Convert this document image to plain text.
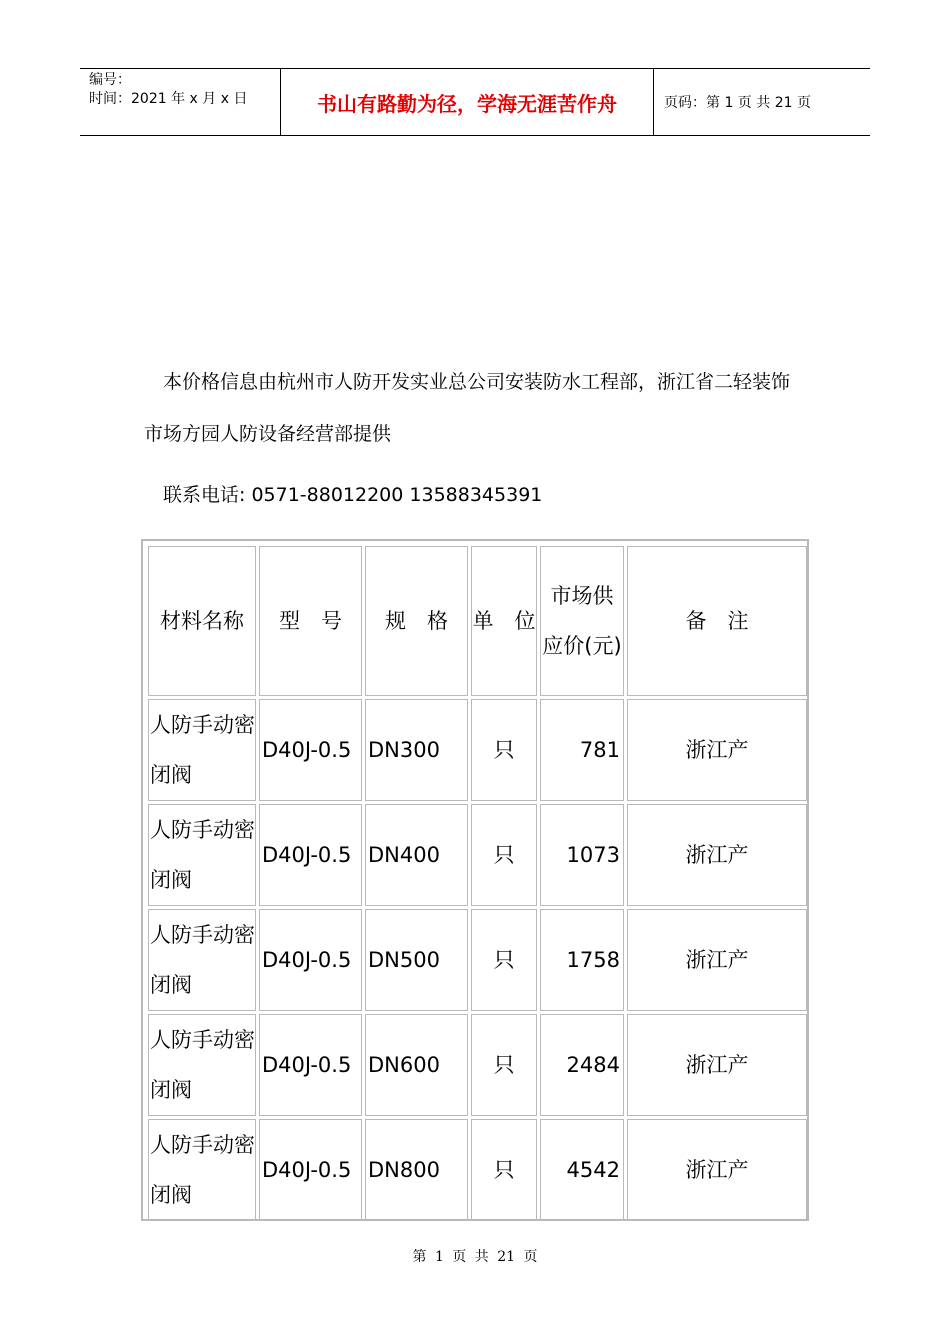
编号：
时间：2021 年 x 月 x 日	书山有路勤为径，学海无涯苦作舟	页码：第 1 页 共 21 页
本价格信息由杭州市人防开发实业总公司安装防水工程部，浙江省二轻装饰
市场方园人防设备经营部提供
联系电话: 0571-88012200 13588345391
材料名称	型　号	规　格	单　位	市场供应价(元)	备　注
人防手动密闭阀	D40J-0.5	DN300	只	781	浙江产
人防手动密闭阀	D40J-0.5	DN400	只	1073	浙江产
人防手动密闭阀	D40J-0.5	DN500	只	1758	浙江产
人防手动密闭阀	D40J-0.5	DN600	只	2484	浙江产
人防手动密闭阀	D40J-0.5	DN800	只	4542	浙江产
第 1 页 共 21 页
